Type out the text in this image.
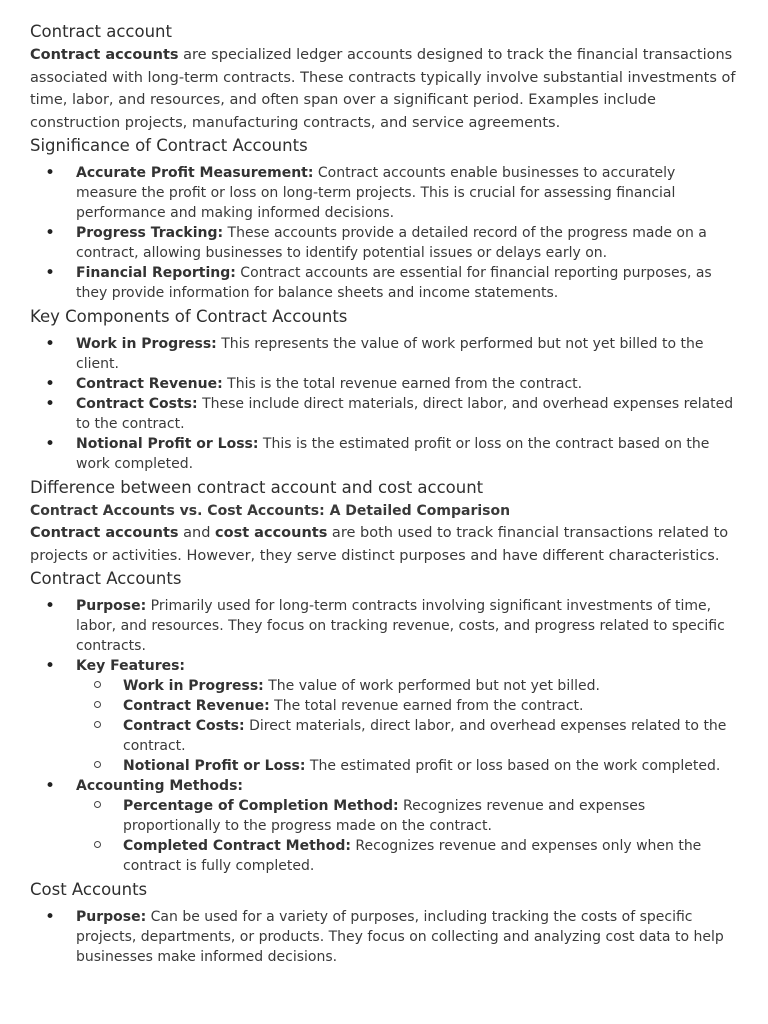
Contract account

Contract accounts are specialized ledger accounts designed to track the financial transactions associated with long-term contracts. These contracts typically involve substantial investments of time, labor, and resources, and often span over a significant period. Examples include construction projects, manufacturing contracts, and service agreements.

Significance of Contract Accounts
• Accurate Profit Measurement: Contract accounts enable businesses to accurately measure the profit or loss on long-term projects. This is crucial for assessing financial performance and making informed decisions.
• Progress Tracking: These accounts provide a detailed record of the progress made on a contract, allowing businesses to identify potential issues or delays early on.
• Financial Reporting: Contract accounts are essential for financial reporting purposes, as they provide information for balance sheets and income statements.
Key Components of Contract Accounts
• Work in Progress: This represents the value of work performed but not yet billed to the client.
• Contract Revenue: This is the total revenue earned from the contract.
• Contract Costs: These include direct materials, direct labor, and overhead expenses related to the contract.
• Notional Profit or Loss: This is the estimated profit or loss on the contract based on the work completed.
Difference between contract account and cost account
Contract Accounts vs. Cost Accounts: A Detailed Comparison

Contract accounts and cost accounts are both used to track financial transactions related to projects or activities. However, they serve distinct purposes and have different characteristics.

Contract Accounts
• Purpose: Primarily used for long-term contracts involving significant investments of time, labor, and resources. They focus on tracking revenue, costs, and progress related to specific contracts.
• Key Features:
Work in Progress: The value of work performed but not yet billed.
Contract Revenue: The total revenue earned from the contract.
Contract Costs: Direct materials, direct labor, and overhead expenses related to the contract.
Notional Profit or Loss: The estimated profit or loss based on the work completed.
• Accounting Methods:
Percentage of Completion Method: Recognizes revenue and expenses proportionally to the progress made on the contract.
Completed Contract Method: Recognizes revenue and expenses only when the contract is fully completed.
Cost Accounts
• Purpose: Can be used for a variety of purposes, including tracking the costs of specific projects, departments, or products. They focus on collecting and analyzing cost data to help businesses make informed decisions.
